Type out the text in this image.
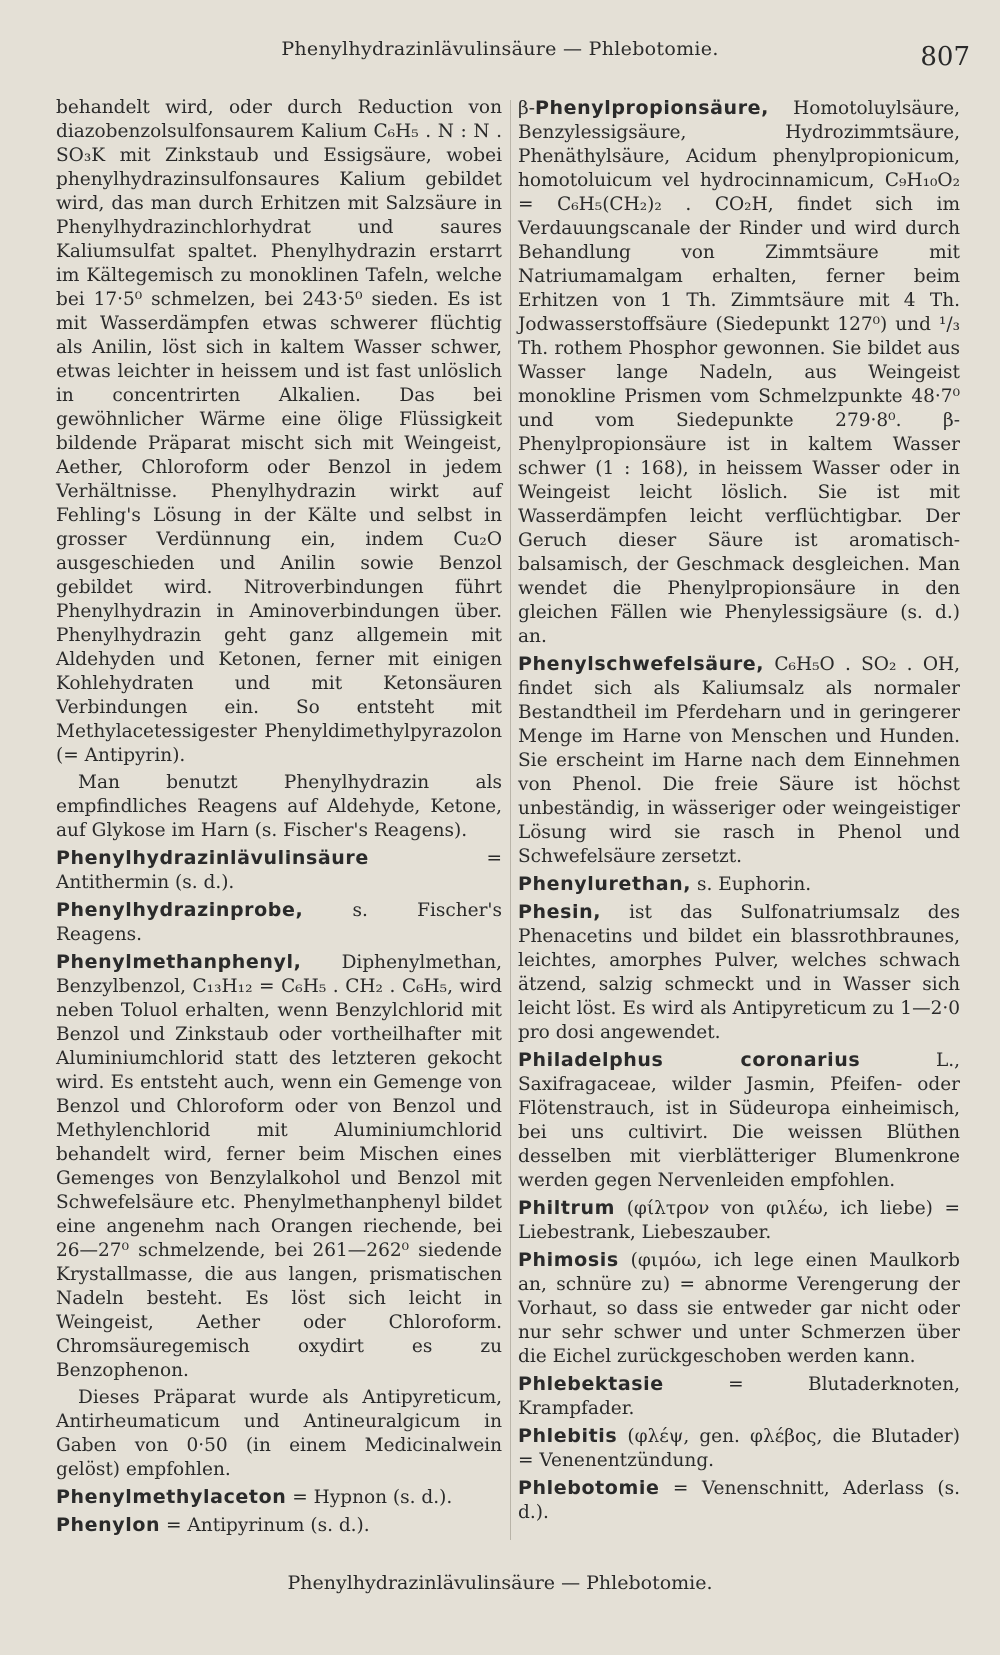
Phenylhydrazinlävulinsäure — Phlebotomie.	807

behandelt wird, oder durch Reduction von diazobenzolsulfonsaurem Kalium C₆H₅ . N : N . SO₃K mit Zinkstaub und Essigsäure, wobei phenylhydrazinsulfonsaures Kalium gebildet wird, das man durch Erhitzen mit Salzsäure in Phenylhydrazinchlorhydrat und saures Kaliumsulfat spaltet. Phenylhydrazin erstarrt im Kältegemisch zu monoklinen Tafeln, welche bei 17·5⁰ schmelzen, bei 243·5⁰ sieden. Es ist mit Wasserdämpfen etwas schwerer flüchtig als Anilin, löst sich in kaltem Wasser schwer, etwas leichter in heissem und ist fast unlöslich in concentrirten Alkalien. Das bei gewöhnlicher Wärme eine ölige Flüssigkeit bildende Präparat mischt sich mit Weingeist, Aether, Chloroform oder Benzol in jedem Verhältnisse. Phenylhydrazin wirkt auf Fehling's Lösung in der Kälte und selbst in grosser Verdünnung ein, indem Cu₂O ausgeschieden und Anilin sowie Benzol gebildet wird. Nitroverbindungen führt Phenylhydrazin in Aminoverbindungen über. Phenylhydrazin geht ganz allgemein mit Aldehyden und Ketonen, ferner mit einigen Kohlehydraten und mit Ketonsäuren Verbindungen ein. So entsteht mit Methylacetessigester Phenyldimethylpyrazolon (= Antipyrin).

Man benutzt Phenylhydrazin als empfindliches Reagens auf Aldehyde, Ketone, auf Glykose im Harn (s. Fischer's Reagens).

Phenylhydrazinlävulinsäure = Antithermin (s. d.).

Phenylhydrazinprobe, s. Fischer's Reagens.

Phenylmethanphenyl, Diphenylmethan, Benzylbenzol, C₁₃H₁₂ = C₆H₅ . CH₂ . C₆H₅, wird neben Toluol erhalten, wenn Benzylchlorid mit Benzol und Zinkstaub oder vortheilhafter mit Aluminiumchlorid statt des letzteren gekocht wird. Es entsteht auch, wenn ein Gemenge von Benzol und Chloroform oder von Benzol und Methylenchlorid mit Aluminiumchlorid behandelt wird, ferner beim Mischen eines Gemenges von Benzylalkohol und Benzol mit Schwefelsäure etc. Phenylmethanphenyl bildet eine angenehm nach Orangen riechende, bei 26—27⁰ schmelzende, bei 261—262⁰ siedende Krystallmasse, die aus langen, prismatischen Nadeln besteht. Es löst sich leicht in Weingeist, Aether oder Chloroform. Chromsäuregemisch oxydirt es zu Benzophenon.

Dieses Präparat wurde als Antipyreticum, Antirheumaticum und Antineuralgicum in Gaben von 0·50 (in einem Medicinalwein gelöst) empfohlen.

Phenylmethylaceton = Hypnon (s. d.).

Phenylon = Antipyrinum (s. d.).

β-Phenylpropionsäure, Homotoluylsäure, Benzylessigsäure, Hydrozimmtsäure, Phenäthylsäure, Acidum phenylpropionicum, homotoluicum vel hydrocinnamicum, C₉H₁₀O₂ = C₆H₅(CH₂)₂ . CO₂H, findet sich im Verdauungscanale der Rinder und wird durch Behandlung von Zimmtsäure mit Natriumamalgam erhalten, ferner beim Erhitzen von 1 Th. Zimmtsäure mit 4 Th. Jodwasserstoffsäure (Siedepunkt 127⁰) und ¹/₃ Th. rothem Phosphor gewonnen. Sie bildet aus Wasser lange Nadeln, aus Weingeist monokline Prismen vom Schmelzpunkte 48·7⁰ und vom Siedepunkte 279·8⁰. β-Phenylpropionsäure ist in kaltem Wasser schwer (1 : 168), in heissem Wasser oder in Weingeist leicht löslich. Sie ist mit Wasserdämpfen leicht verflüchtigbar. Der Geruch dieser Säure ist aromatisch-balsamisch, der Geschmack desgleichen. Man wendet die Phenylpropionsäure in den gleichen Fällen wie Phenylessigsäure (s. d.) an.

Phenylschwefelsäure, C₆H₅O . SO₂ . OH, findet sich als Kaliumsalz als normaler Bestandtheil im Pferdeharn und in geringerer Menge im Harne von Menschen und Hunden. Sie erscheint im Harne nach dem Einnehmen von Phenol. Die freie Säure ist höchst unbeständig, in wässeriger oder weingeistiger Lösung wird sie rasch in Phenol und Schwefelsäure zersetzt.

Phenylurethan, s. Euphorin.

Phesin, ist das Sulfonatriumsalz des Phenacetins und bildet ein blassrothbraunes, leichtes, amorphes Pulver, welches schwach ätzend, salzig schmeckt und in Wasser sich leicht löst. Es wird als Antipyreticum zu 1—2·0 pro dosi angewendet.

Philadelphus coronarius L., Saxifragaceae, wilder Jasmin, Pfeifen- oder Flötenstrauch, ist in Südeuropa einheimisch, bei uns cultivirt. Die weissen Blüthen desselben mit vierblätteriger Blumenkrone werden gegen Nervenleiden empfohlen.

Philtrum (φίλτρον von φιλέω, ich liebe) = Liebestrank, Liebeszauber.

Phimosis (φιμόω, ich lege einen Maulkorb an, schnüre zu) = abnorme Verengerung der Vorhaut, so dass sie entweder gar nicht oder nur sehr schwer und unter Schmerzen über die Eichel zurückgeschoben werden kann.

Phlebektasie = Blutaderknoten, Krampfader.

Phlebitis (φλέψ, gen. φλέβος, die Blutader) = Venenentzündung.

Phlebotomie = Venenschnitt, Aderlass (s. d.).

Phenylhydrazinlävulinsäure — Phlebotomie.
